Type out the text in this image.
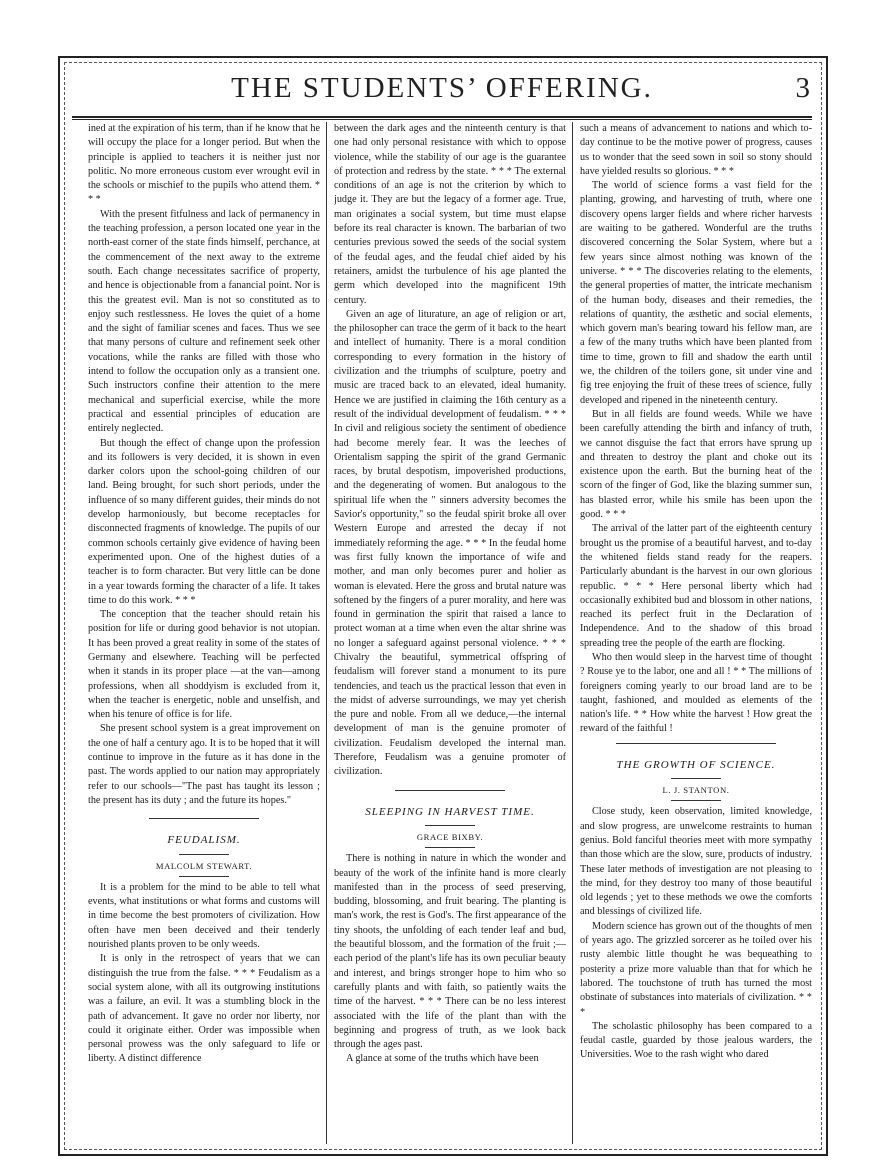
THE STUDENTS’ OFFERING.	3

ined at the expiration of his term, than if he know that he will occupy the place for a longer period. But when the principle is applied to teachers it is neither just nor politic. No more erroneous custom ever wrought evil in the schools or mischief to the pupils who attend them. * * *

With the present fitfulness and lack of permanency in the teaching profession, a person located one year in the north-east corner of the state finds himself, perchance, at the commencement of the next away to the extreme south. Each change necessitates sacrifice of property, and hence is objectionable from a fanancial point. Nor is this the greatest evil. Man is not so constituted as to enjoy such restlessness. He loves the quiet of a home and the sight of familiar scenes and faces. Thus we see that many persons of culture and refinement seek other vocations, while the ranks are filled with those who intend to follow the occupation only as a transient one. Such instructors confine their attention to the mere mechanical and superficial exercise, while the more practical and essential principles of education are entirely neglected.

But though the effect of change upon the profession and its followers is very decided, it is shown in even darker colors upon the school-going children of our land. Being brought, for such short periods, under the influence of so many different guides, their minds do not develop harmoniously, but become receptacles for disconnected fragments of knowledge. The pupils of our common schools certainly give evidence of having been experimented upon. One of the highest duties of a teacher is to form character. But very little can be done in a year towards forming the character of a life. It takes time to do this work. * * *

The conception that the teacher should retain his position for life or during good behavior is not utopian. It has been proved a great reality in some of the states of Germany and elsewhere. Teaching will be perfected when it stands in its proper place —at the van—among professions, when all shoddyism is excluded from it, when the teacher is energetic, noble and unselfish, and when his tenure of office is for life.

She present school system is a great improvement on the one of half a century ago. It is to be hoped that it will continue to improve in the future as it has done in the past. The words applied to our nation may appropriately refer to our schools—"The past has taught its lesson ; the present has its duty ; and the future its hopes."

FEUDALISM.
MALCOLM STEWART.

It is a problem for the mind to be able to tell what events, what institutions or what forms and customs will in time become the best promoters of civilization. How often have men been deceived and their tenderly nourished plants proven to be only weeds.

It is only in the retrospect of years that we can distinguish the true from the false. * * * Feudalism as a social system alone, with all its outgrowing institutions was a failure, an evil. It was a stumbling block in the path of advancement. It gave no order nor liberty, nor could it originate either. Order was impossible when personal prowess was the only safeguard to life or liberty. A distinct difference

between the dark ages and the ninteenth century is that one had only personal resistance with which to oppose violence, while the stability of our age is the guarantee of protection and redress by the state. * * * The external conditions of an age is not the criterion by which to judge it. They are but the legacy of a former age. True, man originates a social system, but time must elapse before its real character is known. The barbarian of two centuries previous sowed the seeds of the social system of the feudal ages, and the feudal chief aided by his retainers, amidst the turbulence of his age planted the germ which developed into the magnificent 19th century.

Given an age of liturature, an age of religion or art, the philosopher can trace the germ of it back to the heart and intellect of humanity. There is a moral condition corresponding to every formation in the history of civilization and the triumphs of sculpture, poetry and music are traced back to an elevated, ideal humanity. Hence we are justified in claiming the 16th century as a result of the individual development of feudalism. * * * In civil and religious society the sentiment of obedience had become merely fear. It was the leeches of Orientalism sapping the spirit of the grand Germanic races, by brutal despotism, impoverished productions, and the degenerating of women. But analogous to the spiritual life when the " sinners adversity becomes the Savior's opportunity," so the feudal spirit broke all over Western Europe and arrested the decay if not immediately reforming the age. * * * In the feudal home was first fully known the importance of wife and mother, and man only becomes purer and holier as woman is elevated. Here the gross and brutal nature was softened by the fingers of a purer morality, and here was found in germination the spirit that raised a lance to protect woman at a time when even the altar shrine was no longer a safeguard against personal violence. * * * Chivalry the beautiful, symmetrical offspring of feudalism will forever stand a monument to its pure tendencies, and teach us the practical lesson that even in the midst of adverse surroundings, we may yet cherish the pure and noble. From all we deduce,—the internal development of man is the genuine promoter of civilization. Feudalism developed the internal man. Therefore, Feudalism was a genuine promoter of civilization.

SLEEPING IN HARVEST TIME.
GRACE BIXBY.

There is nothing in nature in which the wonder and beauty of the work of the infinite hand is more clearly manifested than in the process of seed preserving, budding, blossoming, and fruit bearing. The planting is man's work, the rest is God's. The first appearance of the tiny shoots, the unfolding of each tender leaf and bud, the beautiful blossom, and the formation of the fruit ;—each period of the plant's life has its own peculiar beauty and interest, and brings stronger hope to him who so carefully plants and with faith, so patiently waits the time of the harvest. * * * There can be no less interest associated with the life of the plant than with the beginning and progress of truth, as we look back through the ages past.

A glance at some of the truths which have been

such a means of advancement to nations and which to-day continue to be the motive power of progress, causes us to wonder that the seed sown in soil so stony should have yielded results so glorious. * * *

The world of science forms a vast field for the planting, growing, and harvesting of truth, where one discovery opens larger fields and where richer harvests are waiting to be gathered. Wonderful are the truths discovered concerning the Solar System, where but a few years since almost nothing was known of the universe. * * * The discoveries relating to the elements, the general properties of matter, the intricate mechanism of the human body, diseases and their remedies, the relations of quantity, the æsthetic and social elements, which govern man's bearing toward his fellow man, are a few of the many truths which have been planted from time to time, grown to fill and shadow the earth until we, the children of the toilers gone, sit under vine and fig tree enjoying the fruit of these trees of science, fully developed and ripened in the nineteenth century.

But in all fields are found weeds. While we have been carefully attending the birth and infancy of truth, we cannot disguise the fact that errors have sprung up and threaten to destroy the plant and choke out its existence upon the earth. But the burning heat of the scorn of the finger of God, like the blazing summer sun, has blasted error, while his smile has been upon the good. * * *

The arrival of the latter part of the eighteenth century brought us the promise of a beautiful harvest, and to-day the whitened fields stand ready for the reapers. Particularly abundant is the harvest in our own glorious republic. * * * Here personal liberty which had occasionally exhibited bud and blossom in other nations, reached its perfect fruit in the Declaration of Independence. And to the shadow of this broad spreading tree the people of the earth are flocking.

Who then would sleep in the harvest time of thought ? Rouse ye to the labor, one and all ! * * The millions of foreigners coming yearly to our broad land are to be taught, fashioned, and moulded as elements of the nation's life. * * How white the harvest ! How great the reward of the faithful !

THE GROWTH OF SCIENCE.
L. J. STANTON.

Close study, keen observation, limited knowledge, and slow progress, are unwelcome restraints to human genius. Bold fanciful theories meet with more sympathy than those which are the slow, sure, products of industry. These later methods of investigation are not pleasing to the mind, for they destroy too many of those beautiful old legends ; yet to these methods we owe the comforts and blessings of civilized life.

Modern science has grown out of the thoughts of men of years ago. The grizzled sorcerer as he toiled over his rusty alembic little thought he was bequeathing to posterity a prize more valuable than that for which he labored. The touchstone of truth has turned the most obstinate of substances into materials of civilization. * * *

The scholastic philosophy has been compared to a feudal castle, guarded by those jealous warders, the Universities. Woe to the rash wight who dared
